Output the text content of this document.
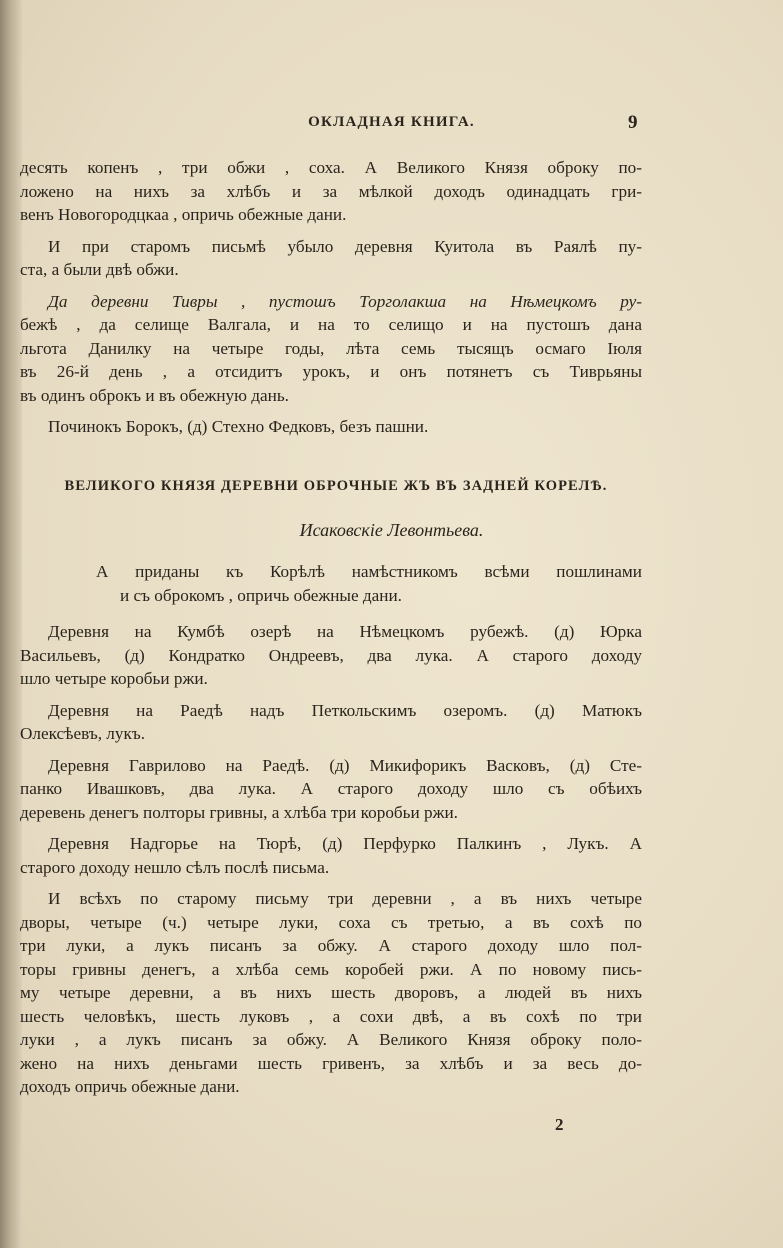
ОКЛАДНАЯ КНИГА.	9

десять копенъ , три обжи , соха. А Великого Князя оброку по-
ложено на нихъ за хлѣбъ и за мѣлкой доходъ одинадцать гри-
венъ Новогородцкаа , опричь обежные дани.

И при старомъ письмѣ убыло деревня Куитола въ Раялѣ пу-
ста, а были двѣ обжи.

Да деревни Тивры , пустошъ Торголакша на Нѣмецкомъ ру-
бежѣ , да селище Валгала, и на то селищо и на пустошъ дана
льгота Данилку на четыре годы, лѣта семь тысящъ осмаго Іюля
въ 26-й день , а отсидитъ урокъ, и онъ потянетъ съ Тиврьяны
въ одинъ оброкъ и въ обежную дань.

Починокъ Борокъ, (д) Стехно Федковъ, безъ пашни.

ВЕЛИКОГО КНЯЗЯ ДЕРЕВНИ ОБРОЧНЫЕ ЖЪ ВЪ ЗАДНЕЙ КОРЕЛѢ.
Исаковскіе Левонтьева.
А приданы къ Корѣлѣ намѣстникомъ всѣми пошлинами
и съ оброкомъ , опричь обежные дани.

Деревня на Кумбѣ озерѣ на Нѣмецкомъ рубежѣ. (д) Юрка
Васильевъ, (д) Кондратко Ондреевъ, два лука. А старого доходу
шло четыре коробьи ржи.

Деревня на Раедѣ надъ Петкольскимъ озеромъ. (д) Матюкъ
Олексѣевъ, лукъ.

Деревня Гаврилово на Раедѣ. (д) Микифорикъ Васковъ, (д) Сте-
панко Ивашковъ, два лука. А старого доходу шло съ обѣихъ
деревень денегъ полторы гривны, а хлѣба три коробьи ржи.

Деревня Надгорье на Тюрѣ, (д) Перфурко Палкинъ , Лукъ. А
старого доходу нешло сѣлъ послѣ письма.

И всѣхъ по старому письму три деревни , а въ нихъ четыре
дворы, четыре (ч.) четыре луки, соха съ третью, а въ сохѣ по
три луки, а лукъ писанъ за обжу. А старого доходу шло пол-
торы гривны денегъ, а хлѣба семь коробей ржи. А по новому пись-
му четыре деревни, а въ нихъ шесть дворовъ, а людей въ нихъ
шесть человѣкъ, шесть луковъ , а сохи двѣ, а въ сохѣ по три
луки , а лукъ писанъ за обжу. А Великого Князя оброку поло-
жено на нихъ деньгами шесть гривенъ, за хлѣбъ и за весь до-
доходъ опричь обежные дани.

2
